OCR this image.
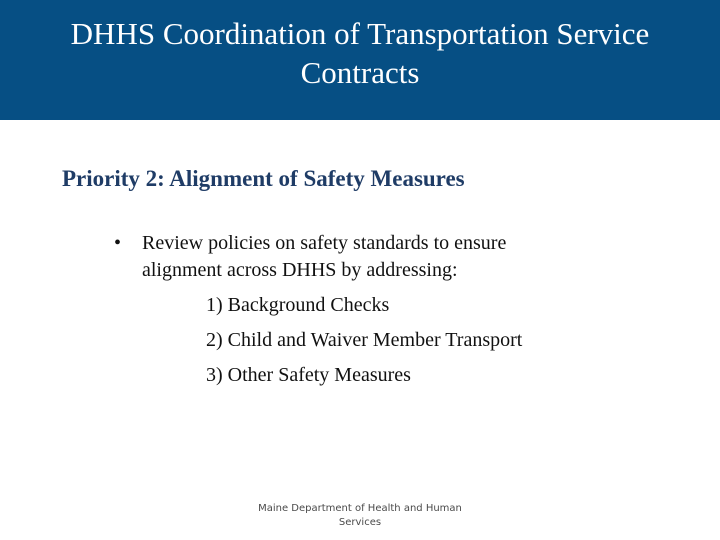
DHHS Coordination of Transportation Service
Contracts
Priority 2: Alignment of Safety Measures
• Review policies on safety standards to ensure
alignment across DHHS by addressing:
1) Background Checks
2) Child and Waiver Member Transport
3) Other Safety Measures
Maine Department of Health and Human
Services
